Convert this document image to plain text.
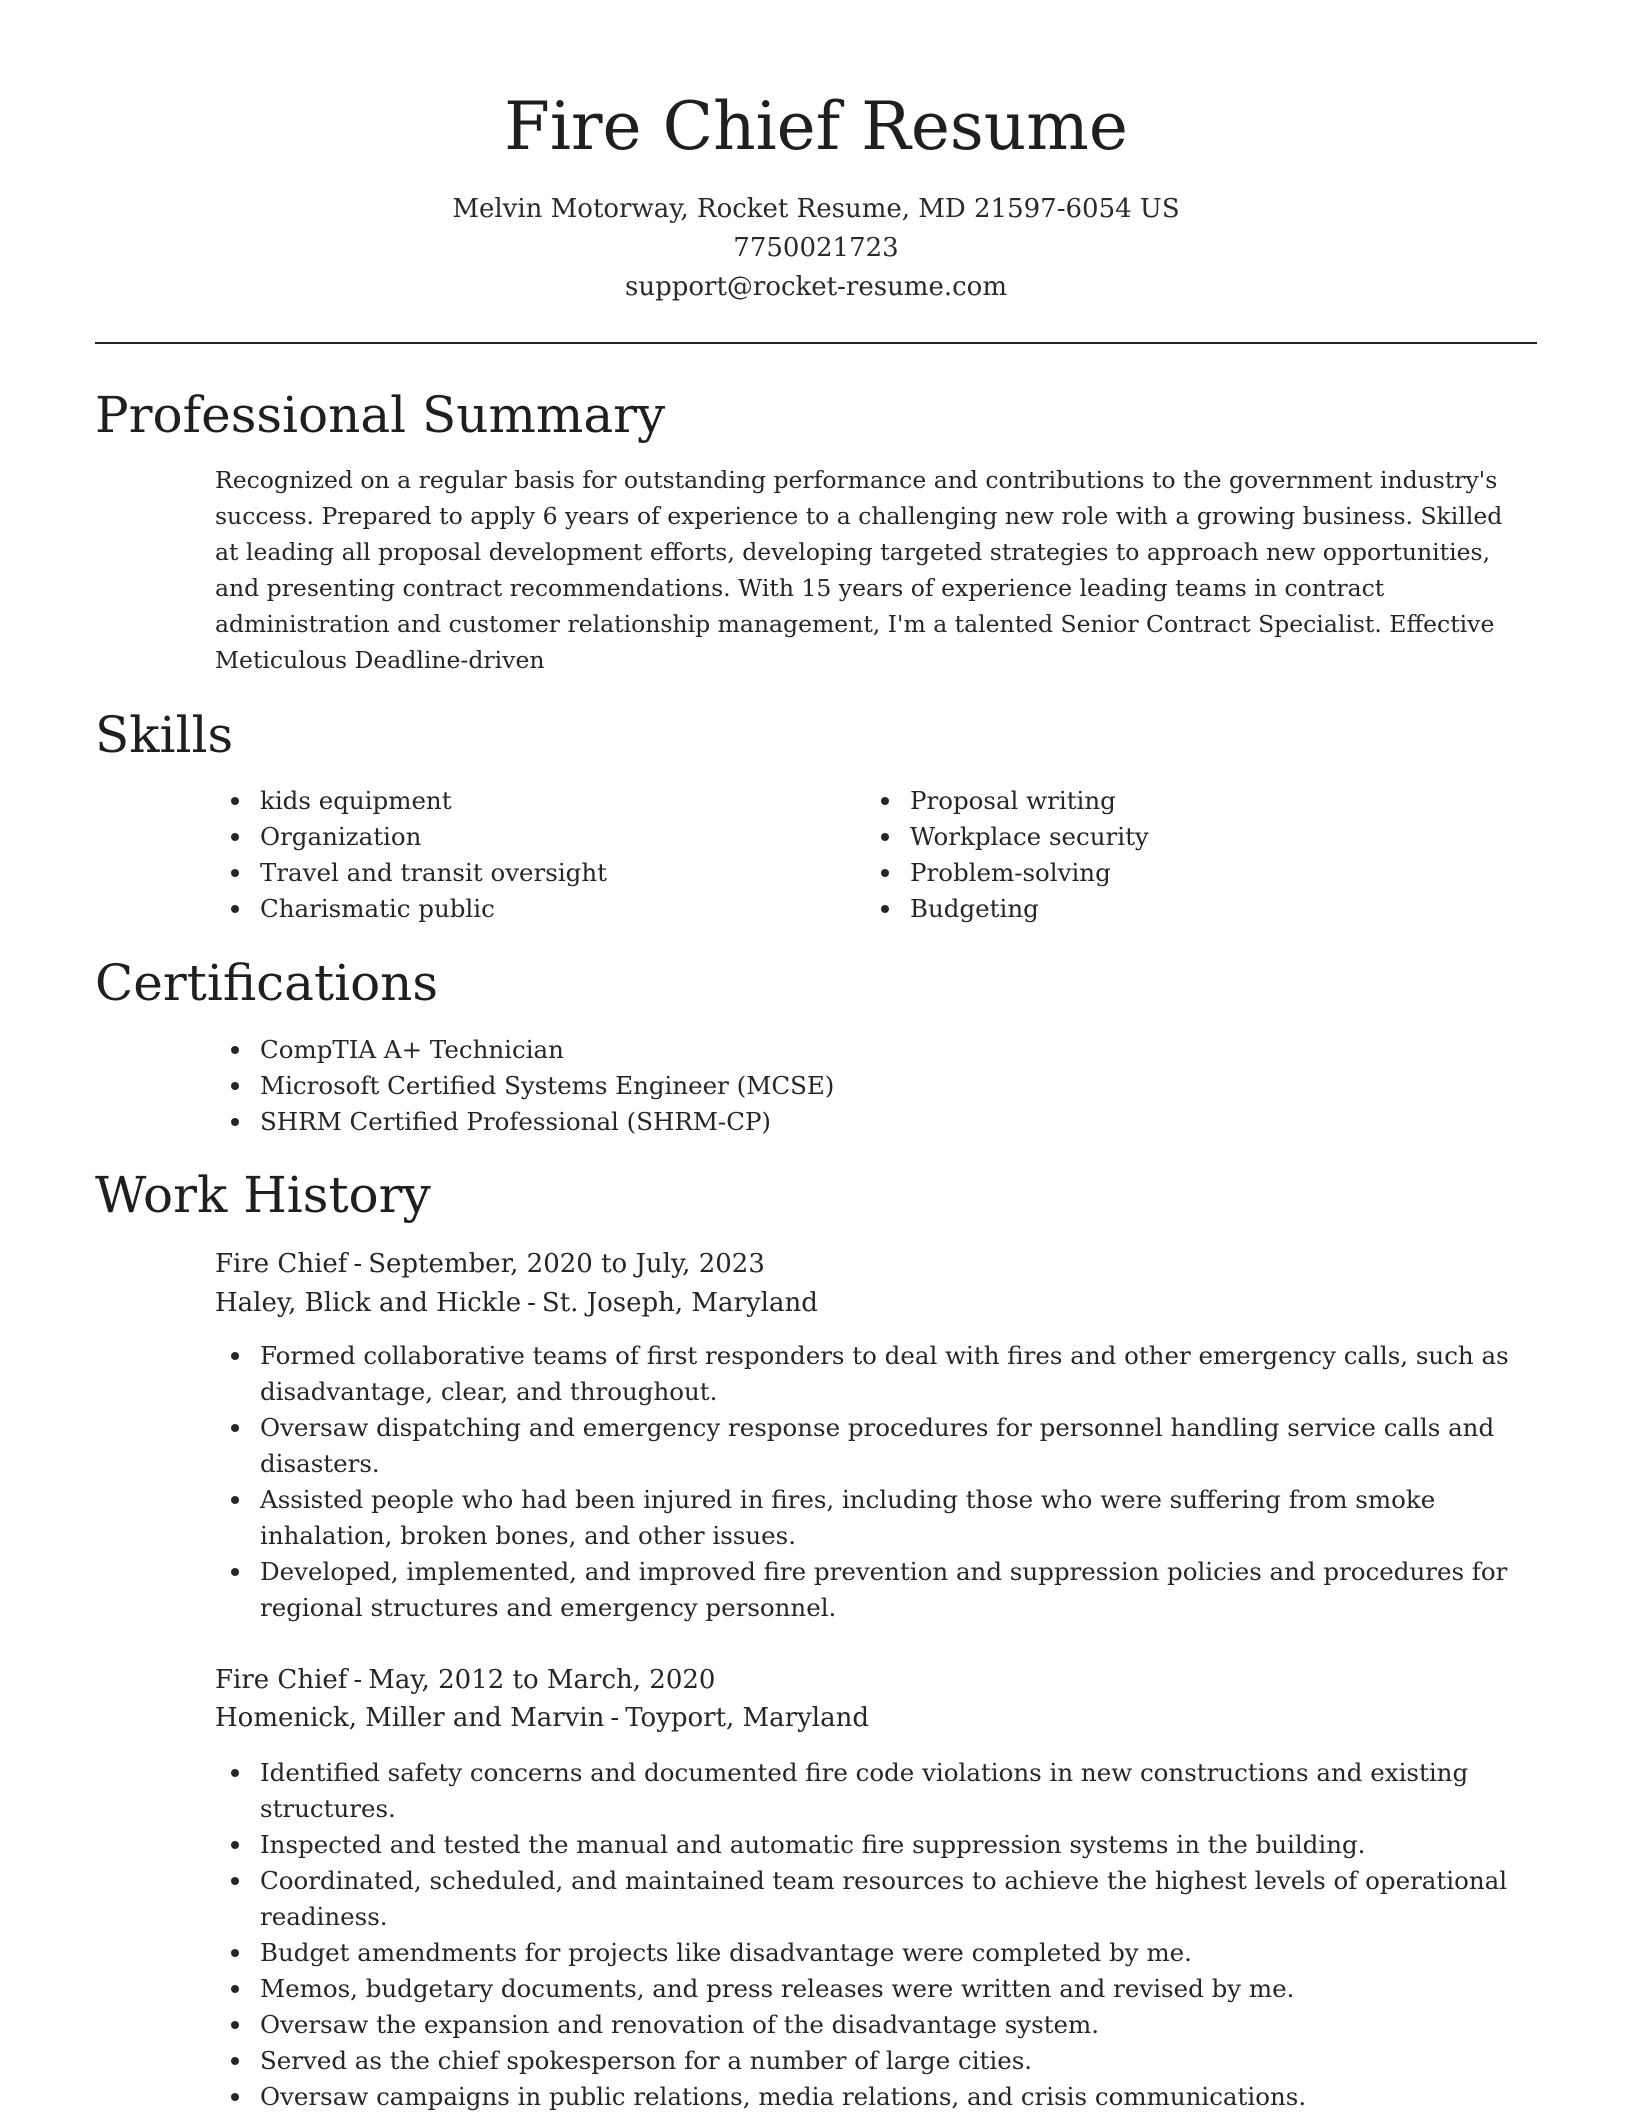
Fire Chief Resume
Melvin Motorway, Rocket Resume, MD 21597-6054 US
7750021723
support@rocket-resume.com
Professional Summary
Recognized on a regular basis for outstanding performance and contributions to the government industry's success. Prepared to apply 6 years of experience to a challenging new role with a growing business. Skilled at leading all proposal development efforts, developing targeted strategies to approach new opportunities, and presenting contract recommendations. With 15 years of experience leading teams in contract administration and customer relationship management, I'm a talented Senior Contract Specialist. Effective Meticulous Deadline-driven
Skills
kids equipment
Organization
Travel and transit oversight
Charismatic public
Proposal writing
Workplace security
Problem-solving
Budgeting
Certifications
CompTIA A+ Technician
Microsoft Certified Systems Engineer (MCSE)
SHRM Certified Professional (SHRM-CP)
Work History
Fire Chief - September, 2020 to July, 2023
Haley, Blick and Hickle - St. Joseph, Maryland
Formed collaborative teams of first responders to deal with fires and other emergency calls, such as disadvantage, clear, and throughout.
Oversaw dispatching and emergency response procedures for personnel handling service calls and disasters.
Assisted people who had been injured in fires, including those who were suffering from smoke inhalation, broken bones, and other issues.
Developed, implemented, and improved fire prevention and suppression policies and procedures for regional structures and emergency personnel.
Fire Chief - May, 2012 to March, 2020
Homenick, Miller and Marvin - Toyport, Maryland
Identified safety concerns and documented fire code violations in new constructions and existing structures.
Inspected and tested the manual and automatic fire suppression systems in the building.
Coordinated, scheduled, and maintained team resources to achieve the highest levels of operational readiness.
Budget amendments for projects like disadvantage were completed by me.
Memos, budgetary documents, and press releases were written and revised by me.
Oversaw the expansion and renovation of the disadvantage system.
Served as the chief spokesperson for a number of large cities.
Oversaw campaigns in public relations, media relations, and crisis communications.
